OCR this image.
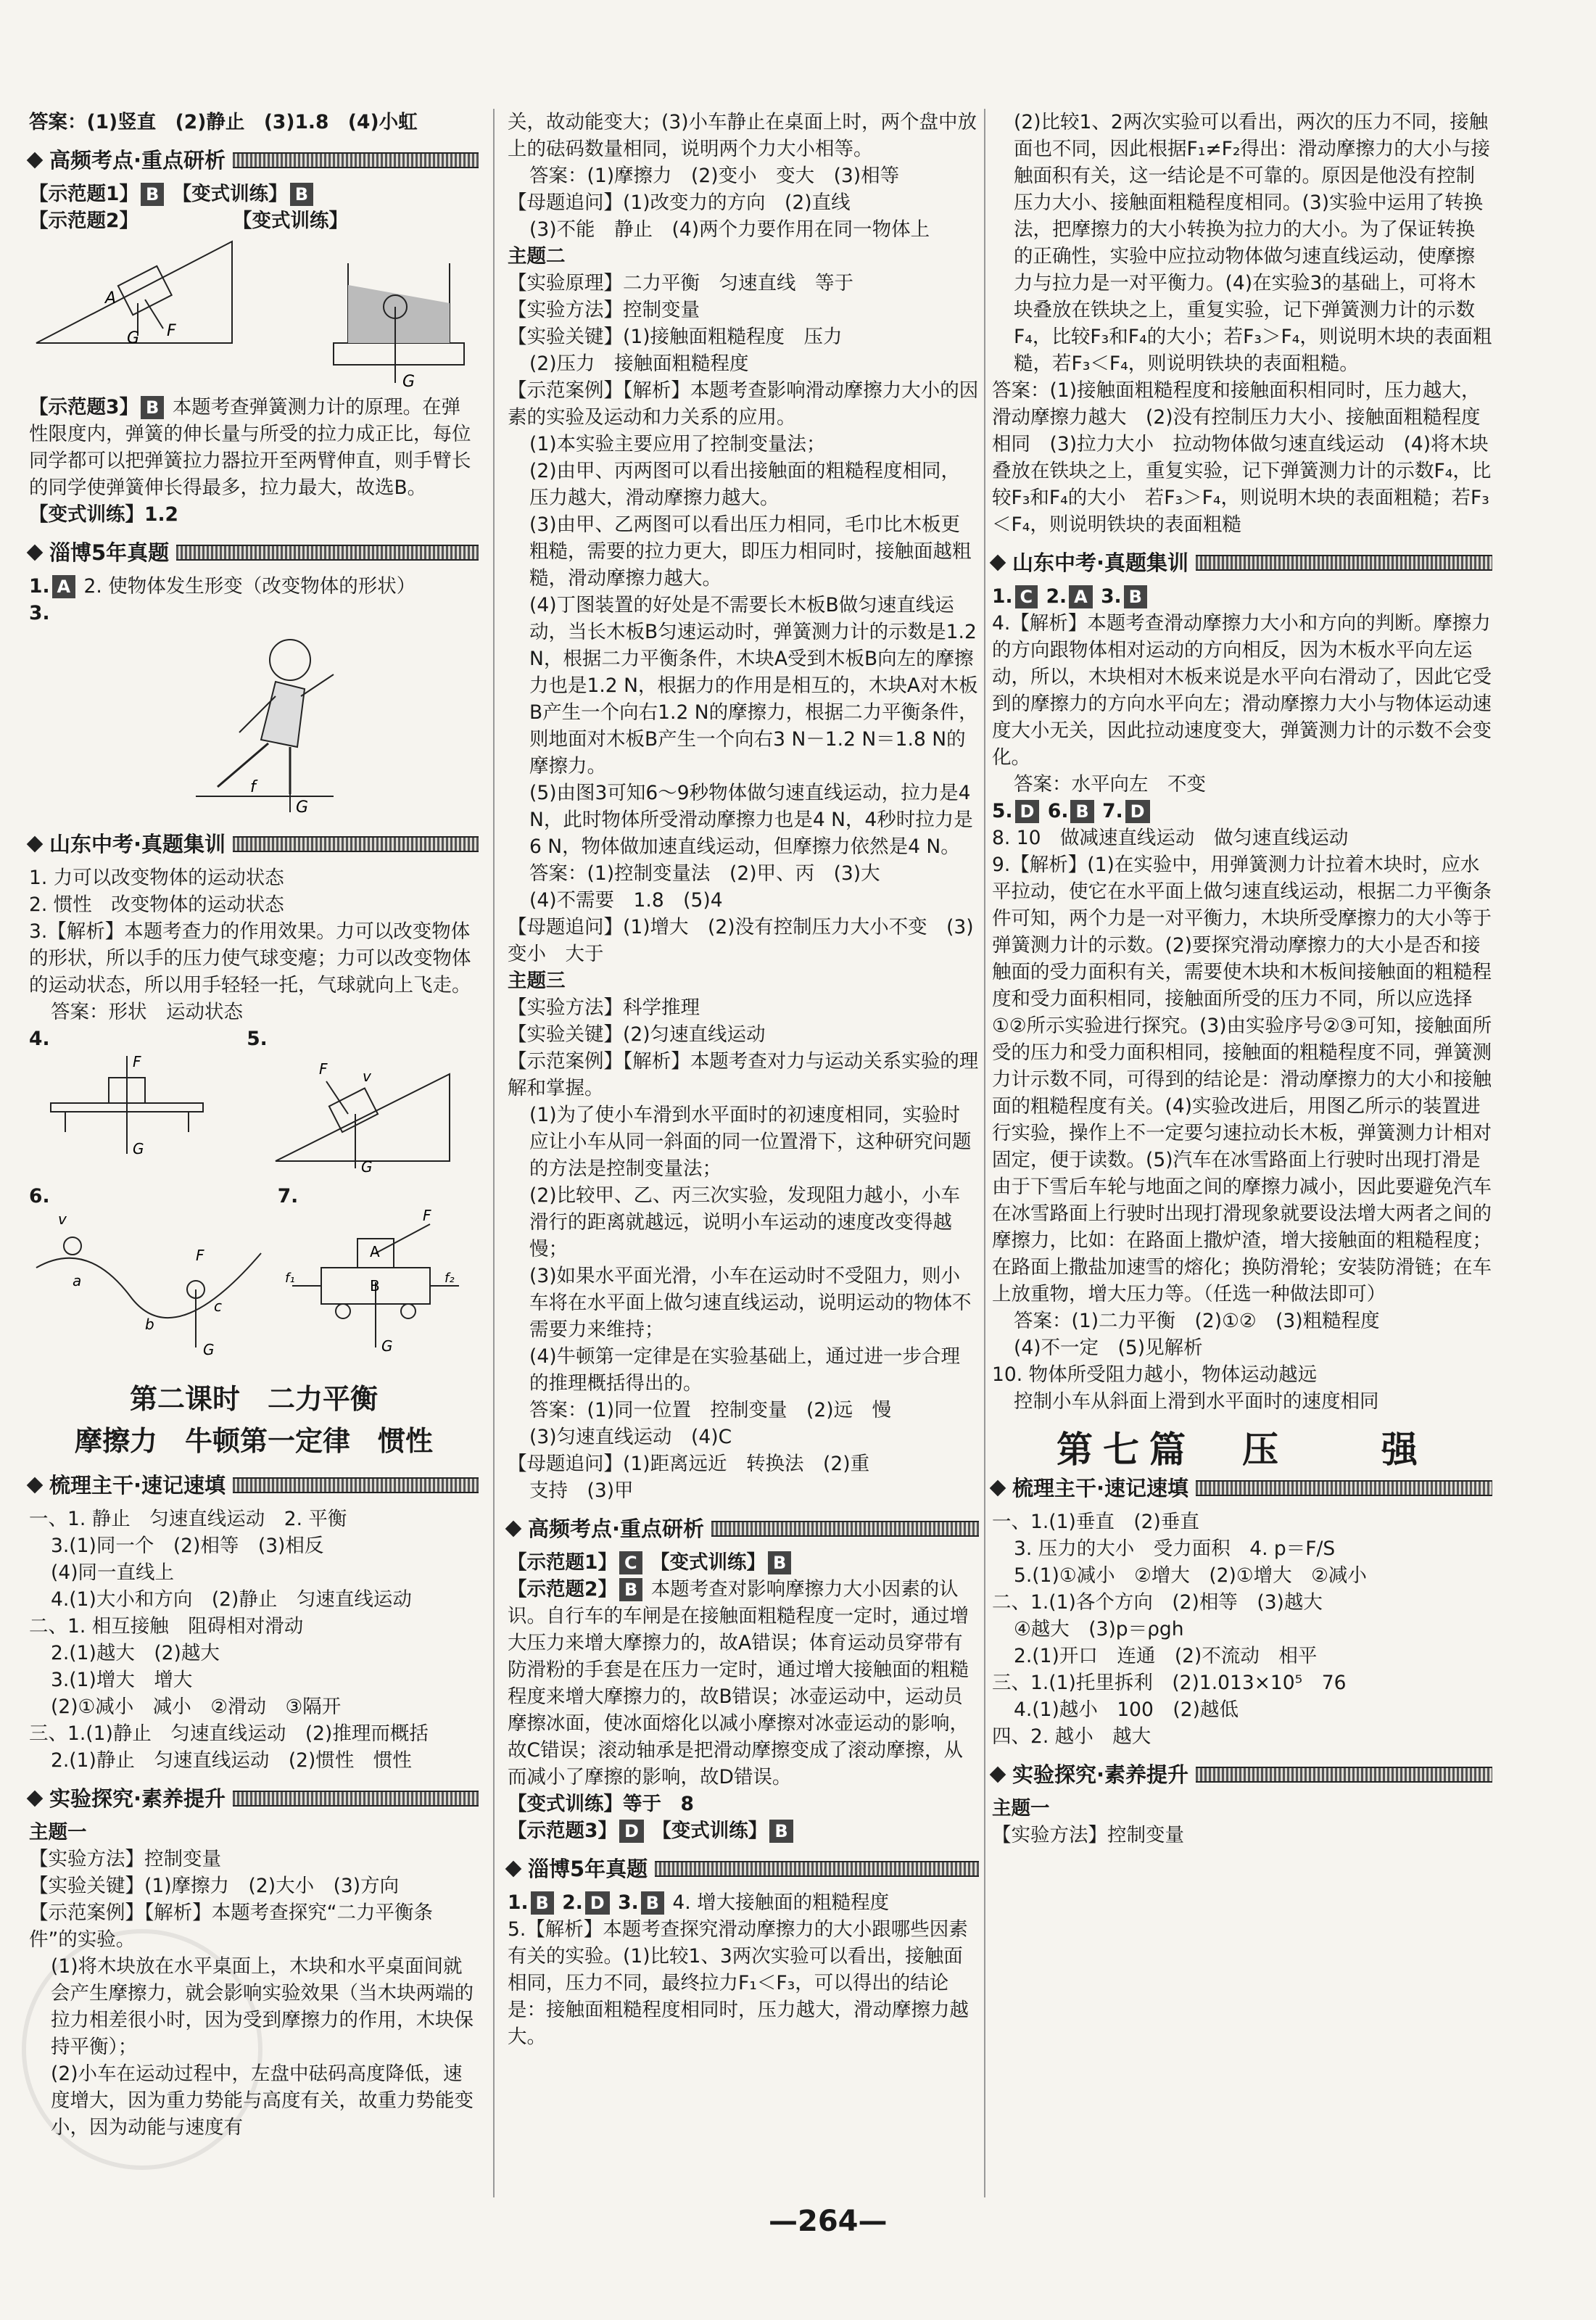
答案：(1)竖直　(2)静止　(3)1.8　(4)小虹

高频考点·重点研析

【示范题1】 B 【变式训练】 B

【示范题2】	【变式训练】
A
G F
G

【示范题3】 B 本题考查弹簧测力计的原理。在弹性限度内，弹簧的伸长量与所受的拉力成正比，每位同学都可以把弹簧拉力器拉开至两臂伸直，则手臂长的同学使弹簧伸长得最多，拉力最大，故选B。

【变式训练】1.2

淄博5年真题

1. A 2. 使物体发生形变（改变物体的形状）

3.

f
G
山东中考·真题集训

1. 力可以改变物体的运动状态

2. 惯性　改变物体的运动状态

3.【解析】本题考查力的作用效果。力可以改变物体的形状，所以手的压力使气球变瘪；力可以改变物体的运动状态，所以用手轻轻一托，气球就向上飞走。

答案：形状　运动状态

4.
F
G
5.
F v
G
6.
v
a
b
c
G
F
7.
A
B
f₁	f₂
F
G
第二课时　二力平衡
摩擦力　牛顿第一定律　惯性
梳理主干·速记速填

一、1. 静止　匀速直线运动　2. 平衡

3.(1)同一个　(2)相等　(3)相反

(4)同一直线上

4.(1)大小和方向　(2)静止　匀速直线运动

二、1. 相互接触　阻碍相对滑动

2.(1)越大　(2)越大

3.(1)增大　增大

(2)①减小　减小　②滑动　③隔开

三、1.(1)静止　匀速直线运动　(2)推理而概括

2.(1)静止　匀速直线运动　(2)惯性　惯性

实验探究·素养提升

主题一

【实验方法】控制变量

【实验关键】(1)摩擦力　(2)大小　(3)方向

【示范案例】【解析】本题考查探究“二力平衡条件”的实验。

(1)将木块放在水平桌面上，木块和水平桌面间就会产生摩擦力，就会影响实验效果（当木块两端的拉力相差很小时，因为受到摩擦力的作用，木块保持平衡）；

(2)小车在运动过程中，左盘中砝码高度降低，速度增大，因为重力势能与高度有关，故重力势能变小，因为动能与速度有

关，故动能变大；(3)小车静止在桌面上时，两个盘中放上的砝码数量相同，说明两个力大小相等。

答案：(1)摩擦力　(2)变小　变大　(3)相等

【母题追问】(1)改变力的方向　(2)直线

(3)不能　静止　(4)两个力要作用在同一物体上

主题二

【实验原理】二力平衡　匀速直线　等于

【实验方法】控制变量

【实验关键】(1)接触面粗糙程度　压力

(2)压力　接触面粗糙程度

【示范案例】【解析】本题考查影响滑动摩擦力大小的因素的实验及运动和力关系的应用。

(1)本实验主要应用了控制变量法；

(2)由甲、丙两图可以看出接触面的粗糙程度相同，压力越大，滑动摩擦力越大。

(3)由甲、乙两图可以看出压力相同，毛巾比木板更粗糙，需要的拉力更大，即压力相同时，接触面越粗糙，滑动摩擦力越大。

(4)丁图装置的好处是不需要长木板B做匀速直线运动，当长木板B匀速运动时，弹簧测力计的示数是1.2 N，根据二力平衡条件，木块A受到木板B向左的摩擦力也是1.2 N，根据力的作用是相互的，木块A对木板B产生一个向右1.2 N的摩擦力，根据二力平衡条件，则地面对木板B产生一个向右3 N－1.2 N＝1.8 N的摩擦力。

(5)由图3可知6～9秒物体做匀速直线运动，拉力是4 N，此时物体所受滑动摩擦力也是4 N，4秒时拉力是6 N，物体做加速直线运动，但摩擦力依然是4 N。

答案：(1)控制变量法　(2)甲、丙　(3)大

(4)不需要　1.8　(5)4

【母题追问】(1)增大　(2)没有控制压力大小不变　(3)变小　大于

主题三

【实验方法】科学推理

【实验关键】(2)匀速直线运动

【示范案例】【解析】本题考查对力与运动关系实验的理解和掌握。

(1)为了使小车滑到水平面时的初速度相同，实验时应让小车从同一斜面的同一位置滑下，这种研究问题的方法是控制变量法；

(2)比较甲、乙、丙三次实验，发现阻力越小，小车滑行的距离就越远，说明小车运动的速度改变得越慢；

(3)如果水平面光滑，小车在运动时不受阻力，则小车将在水平面上做匀速直线运动，说明运动的物体不需要力来维持；

(4)牛顿第一定律是在实验基础上，通过进一步合理的推理概括得出的。

答案：(1)同一位置　控制变量　(2)远　慢

(3)匀速直线运动　(4)C

【母题追问】(1)距离远近　转换法　(2)重

支持　(3)甲

高频考点·重点研析

【示范题1】 C 【变式训练】 B

【示范题2】 B 本题考查对影响摩擦力大小因素的认识。自行车的车闸是在接触面粗糙程度一定时，通过增大压力来增大摩擦力的，故A错误；体育运动员穿带有防滑粉的手套是在压力一定时，通过增大接触面的粗糙程度来增大摩擦力的，故B错误；冰壶运动中，运动员摩擦冰面，使冰面熔化以减小摩擦对冰壶运动的影响，故C错误；滚动轴承是把滑动摩擦变成了滚动摩擦，从而减小了摩擦的影响，故D错误。

【变式训练】等于　8

【示范题3】 D 【变式训练】 B

淄博5年真题

1. B 2. D 3. B 4. 增大接触面的粗糙程度

5.【解析】本题考查探究滑动摩擦力的大小跟哪些因素有关的实验。(1)比较1、3两次实验可以看出，接触面相同，压力不同，最终拉力F₁＜F₃，可以得出的结论是：接触面粗糙程度相同时，压力越大，滑动摩擦力越大。

(2)比较1、2两次实验可以看出，两次的压力不同，接触面也不同，因此根据F₁≠F₂得出：滑动摩擦力的大小与接触面积有关，这一结论是不可靠的。原因是他没有控制压力大小、接触面粗糙程度相同。(3)实验中运用了转换法，把摩擦力的大小转换为拉力的大小。为了保证转换的正确性，实验中应拉动物体做匀速直线运动，使摩擦力与拉力是一对平衡力。(4)在实验3的基础上，可将木块叠放在铁块之上，重复实验，记下弹簧测力计的示数F₄，比较F₃和F₄的大小；若F₃＞F₄，则说明木块的表面粗糙，若F₃＜F₄，则说明铁块的表面粗糙。

答案：(1)接触面粗糙程度和接触面积相同时，压力越大，滑动摩擦力越大　(2)没有控制压力大小、接触面粗糙程度相同　(3)拉力大小　拉动物体做匀速直线运动　(4)将木块叠放在铁块之上，重复实验，记下弹簧测力计的示数F₄，比较F₃和F₄的大小　若F₃＞F₄，则说明木块的表面粗糙；若F₃＜F₄，则说明铁块的表面粗糙

山东中考·真题集训

1. C 2. A 3. B

4.【解析】本题考查滑动摩擦力大小和方向的判断。摩擦力的方向跟物体相对运动的方向相反，因为木板水平向左运动，所以，木块相对木板来说是水平向右滑动了，因此它受到的摩擦力的方向水平向左；滑动摩擦力大小与物体运动速度大小无关，因此拉动速度变大，弹簧测力计的示数不会变化。

答案：水平向左　不变

5. D 6. B 7. D

8. 10　做减速直线运动　做匀速直线运动

9.【解析】(1)在实验中，用弹簧测力计拉着木块时，应水平拉动，使它在水平面上做匀速直线运动，根据二力平衡条件可知，两个力是一对平衡力，木块所受摩擦力的大小等于弹簧测力计的示数。(2)要探究滑动摩擦力的大小是否和接触面的受力面积有关，需要使木块和木板间接触面的粗糙程度和受力面积相同，接触面所受的压力不同，所以应选择①②所示实验进行探究。(3)由实验序号②③可知，接触面所受的压力和受力面积相同，接触面的粗糙程度不同，弹簧测力计示数不同，可得到的结论是：滑动摩擦力的大小和接触面的粗糙程度有关。(4)实验改进后，用图乙所示的装置进行实验，操作上不一定要匀速拉动长木板，弹簧测力计相对固定，便于读数。(5)汽车在冰雪路面上行驶时出现打滑是由于下雪后车轮与地面之间的摩擦力减小，因此要避免汽车在冰雪路面上行驶时出现打滑现象就要设法增大两者之间的摩擦力，比如：在路面上撒炉渣，增大接触面的粗糙程度；在路面上撒盐加速雪的熔化；换防滑轮；安装防滑链；在车上放重物，增大压力等。（任选一种做法即可）

答案：(1)二力平衡　(2)①②　(3)粗糙程度

(4)不一定　(5)见解析

10. 物体所受阻力越小，物体运动越远

控制小车从斜面上滑到水平面时的速度相同

第七篇　压　　强
梳理主干·速记速填

一、1.(1)垂直　(2)垂直

3. 压力的大小　受力面积　4. p＝F/S

5.(1)①减小　②增大　(2)①增大　②减小

二、1.(1)各个方向　(2)相等　(3)越大

④越大　(3)p＝ρgh

2.(1)开口　连通　(2)不流动　相平

三、1.(1)托里拆利　(2)1.013×10⁵　76

4.(1)越小　100　(2)越低

四、2. 越小　越大

实验探究·素养提升

主题一

【实验方法】控制变量

—264—
